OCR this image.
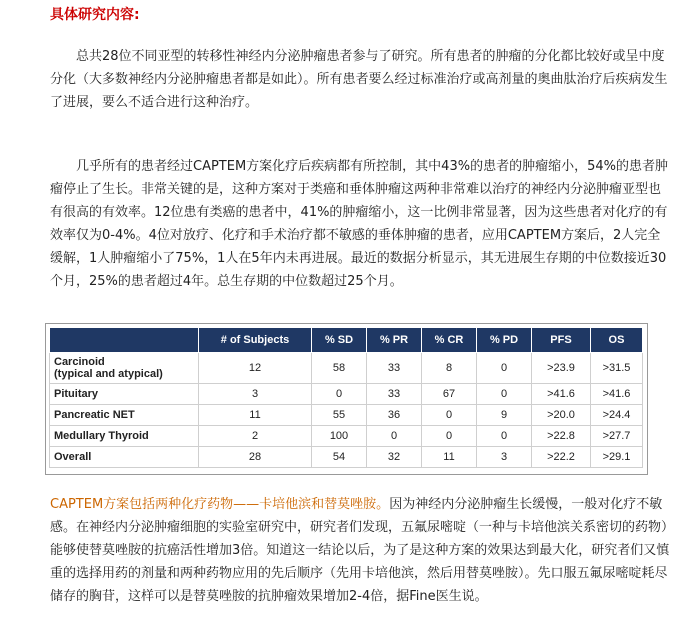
具体研究内容:

总共28位不同亚型的转移性神经内分泌肿瘤患者参与了研究。所有患者的肿瘤的分化都比较好或呈中度分化（大多数神经内分泌肿瘤患者都是如此）。所有患者要么经过标准治疗或高剂量的奥曲肽治疗后疾病发生了进展，要么不适合进行这种治疗。

几乎所有的患者经过CAPTEM方案化疗后疾病都有所控制，其中43%的患者的肿瘤缩小，54%的患者肿瘤停止了生长。非常关键的是，这种方案对于类癌和垂体肿瘤这两种非常难以治疗的神经内分泌肿瘤亚型也有很高的有效率。12位患有类癌的患者中，41%的肿瘤缩小，这一比例非常显著，因为这些患者对化疗的有效率仅为0-4%。4位对放疗、化疗和手术治疗都不敏感的垂体肿瘤的患者，应用CAPTEM方案后，2人完全缓解，1人肿瘤缩小了75%，1人在5年内未再进展。最近的数据分析显示，其无进展生存期的中位数接近30个月，25%的患者超过4年。总生存期的中位数超过25个月。

	# of Subjects	% SD	% PR	% CR	% PD	PFS	OS

Carcinoid
(typical and atypical)	12	58	33	8	0	>23.9	>31.5
Pituitary	3	0	33	67	0	>41.6	>41.6
Pancreatic NET	11	55	36	0	9	>20.0	>24.4
Medullary Thyroid	2	100	0	0	0	>22.8	>27.7
Overall	28	54	32	11	3	>22.2	>29.1

CAPTEM方案包括两种化疗药物——卡培他滨和替莫唑胺。因为神经内分泌肿瘤生长缓慢，一般对化疗不敏感。在神经内分泌肿瘤细胞的实验室研究中，研究者们发现，五氟尿嘧啶（一种与卡培他滨关系密切的药物）能够使替莫唑胺的抗癌活性增加3倍。知道这一结论以后，为了是这种方案的效果达到最大化，研究者们又慎重的选择用药的剂量和两种药物应用的先后顺序（先用卡培他滨，然后用替莫唑胺）。先口服五氟尿嘧啶耗尽储存的胸苷，这样可以是替莫唑胺的抗肿瘤效果增加2-4倍，据Fine医生说。
